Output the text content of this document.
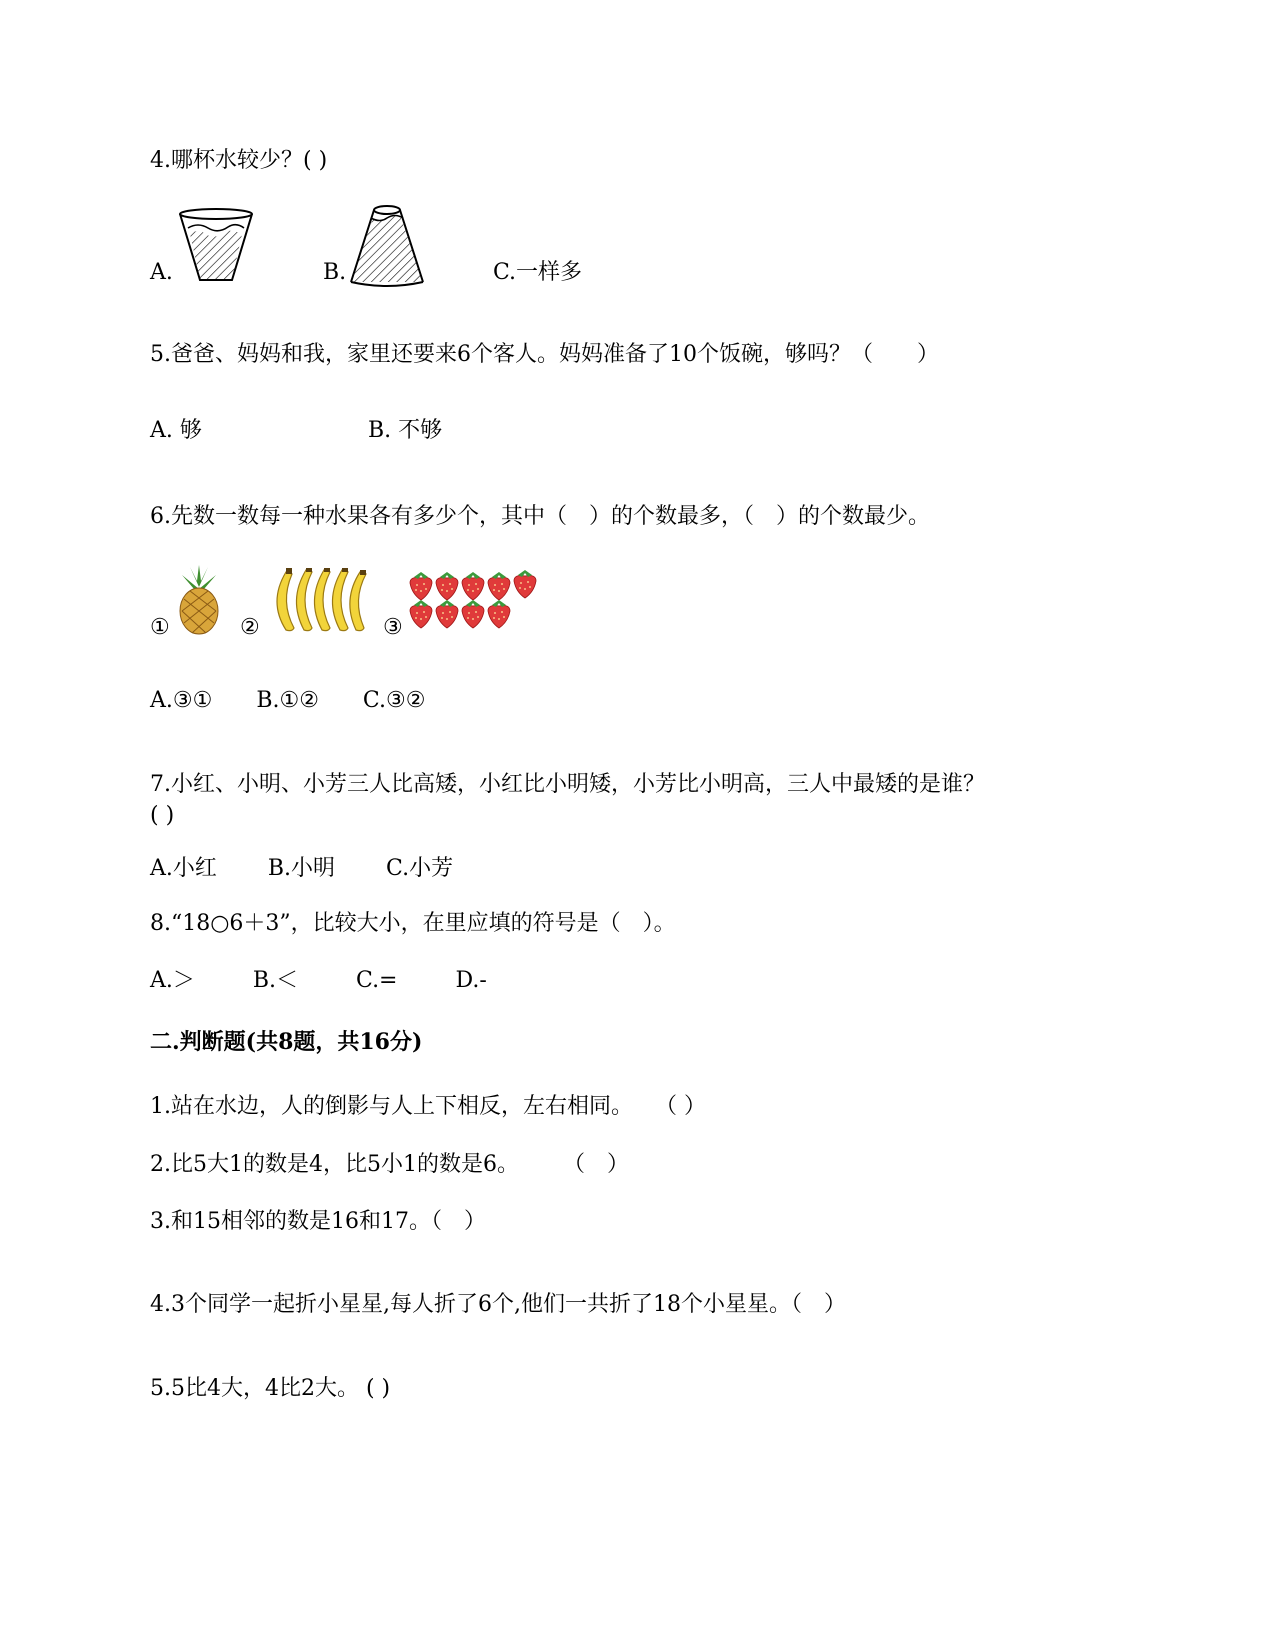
4.哪杯水较少？( )
A.	B.	C.一样多
5.爸爸、妈妈和我，家里还要来6个客人。妈妈准备了10个饭碗，够吗？（　　）
A. 够	B. 不够
6.先数一数每一种水果各有多少个，其中（　）的个数最多，（　）的个数最少。
①	②	③
A.③①　　B.①②　　C.③②
7.小红、小明、小芳三人比高矮，小红比小明矮，小芳比小明高，三人中最矮的是谁？
( )
A.小红　　 B.小明　　 C.小芳
8.“18○6＋3”，比较大小，在里应填的符号是（　）。
A.＞　　  B.＜　　  C.=　　  D.-
二.判断题(共8题，共16分)
1.站在水边，人的倒影与人上下相反，左右相同。　　（ ）
2.比5大1的数是4，比5小1的数是6。　　　（　）
3.和15相邻的数是16和17。（　）
4.3个同学一起折小星星,每人折了6个,他们一共折了18个小星星。（　）
5.5比4大，4比2大。 ( )
